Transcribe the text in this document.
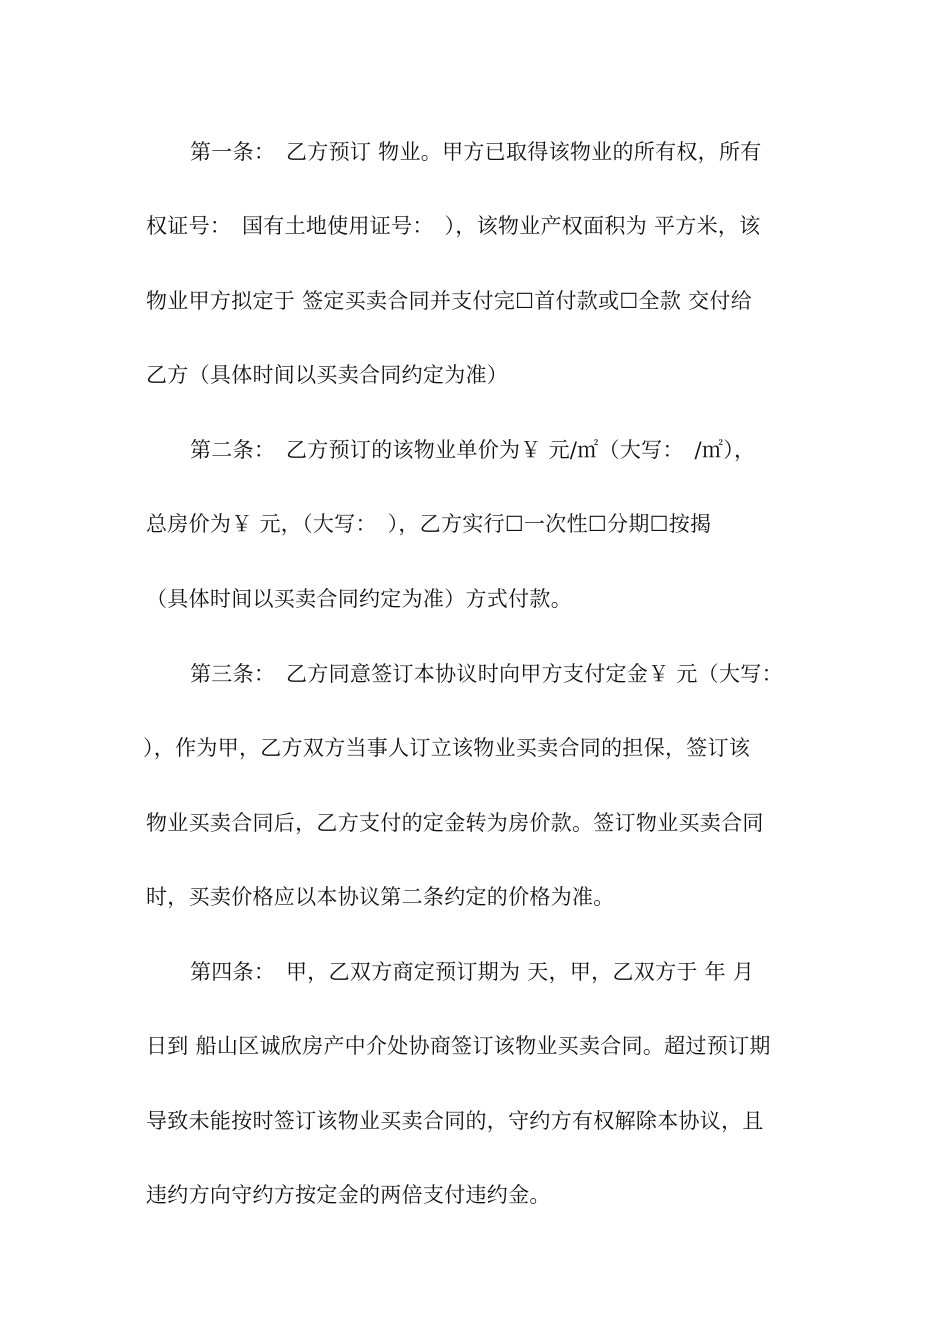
第一条：　乙方预订 物业。甲方已取得该物业的所有权，所有
权证号：　国有土地使用证号：　），该物业产权面积为 平方米，该
物业甲方拟定于 签定买卖合同并支付完☐首付款或☐全款 交付给
乙方（具体时间以买卖合同约定为准）
第二条：　乙方预订的该物业单价为￥ 元/㎡（大写：　/㎡），
总房价为￥ 元，（大写：　），乙方实行☐一次性☐分期☐按揭
（具体时间以买卖合同约定为准）方式付款。
第三条：　乙方同意签订本协议时向甲方支付定金￥ 元（大写：
），作为甲，乙方双方当事人订立该物业买卖合同的担保，签订该
物业买卖合同后，乙方支付的定金转为房价款。签订物业买卖合同
时，买卖价格应以本协议第二条约定的价格为准。
第四条：　甲，乙双方商定预订期为 天，甲，乙双方于 年 月
日到 船山区诚欣房产中介处协商签订该物业买卖合同。超过预订期
导致未能按时签订该物业买卖合同的，守约方有权解除本协议，且
违约方向守约方按定金的两倍支付违约金。
